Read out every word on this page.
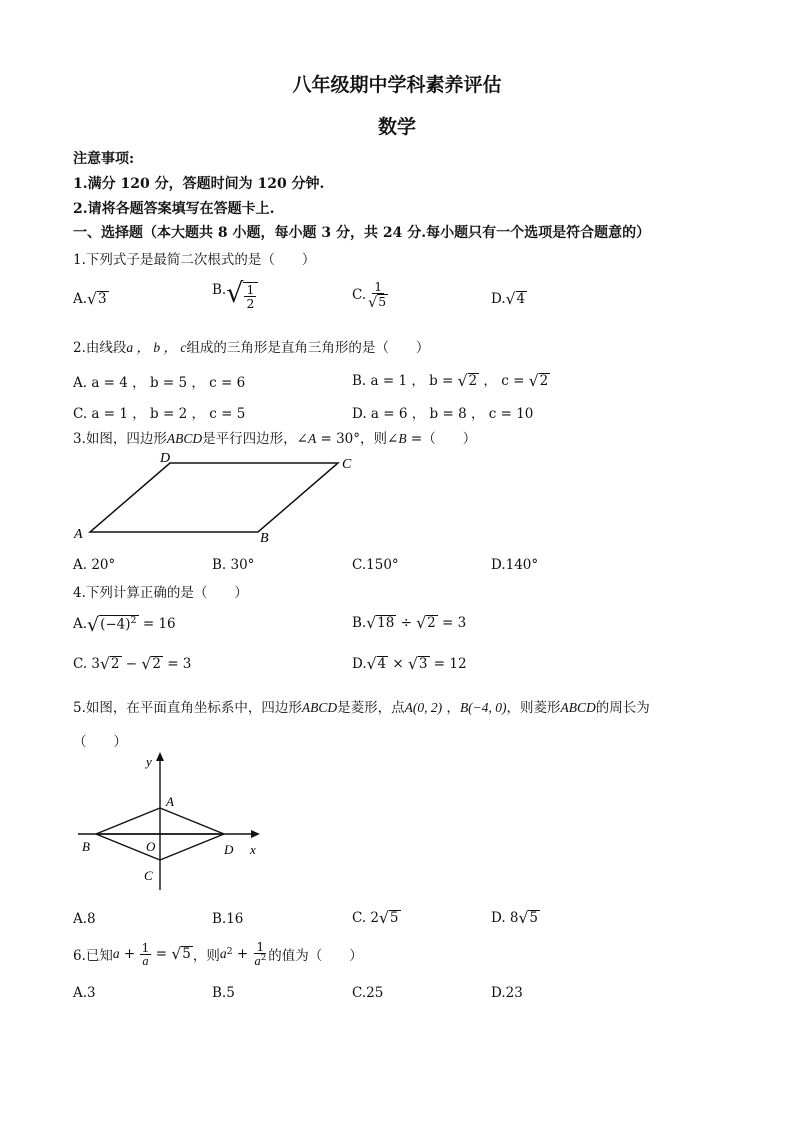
八年级期中学科素养评估
数学
注意事项:
1.满分 120 分，答题时间为 120 分钟.
2.请将各题答案填写在答题卡上.
一、选择题（本大题共 8 小题，每小题 3 分，共 24 分.每小题只有一个选项是符合题意的）
1.下列式子是最简二次根式的是（　　）
A.√3
$B.√ \frac{1}{2}$	C. $\frac{1}{√5}$	D.√4
2.由线段a ， b ， c组成的三角形是直角三角形的是（　　）
A. a = 4 ， b = 5 ， c = 6	B. a = 1 ， b = √2 ， c = √2
C. a = 1 ， b = 2 ， c = 5	D. a = 6 ， b = 8 ， c = 10
3.如图，四边形ABCD是平行四边形，∠A = 30°，则∠B =（　　）
A	B
C
D
A. 20°	B. 30°	C.150°	D.140°
4.下列计算正确的是（　　）
$A.√(-4)^2 = 16$	B.√18 ÷ √2 = 3
C. 3√2 − √2 = 3	D.√4 × √3 = 12
5.如图，在平面直角坐标系中，四边形ABCD是菱形，点A(0, 2) ，B(−4, 0)，则菱形ABCD的周长为
（　　）
y
x
A
B
C
D
O
A.8	B.16	C. 2√5	D. 8√5
6.已知 $a + \frac{1}{a} = √5$ ，则 a $2 + \frac{1}{a^2}$ 的值为（　　）
A.3	B.5	C.25	D.23
